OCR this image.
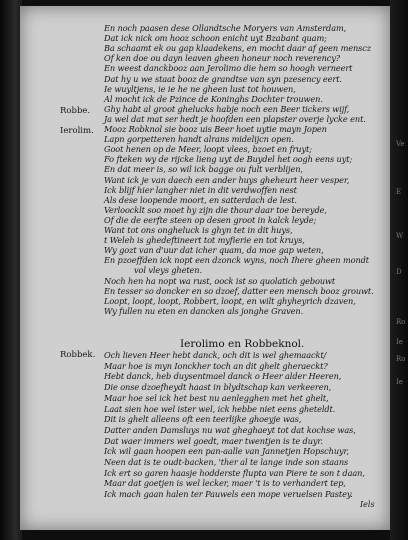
Ve
E
W
D
Ro
Ie
Ro
Ie
En noch paasen dese Ollandtsche Moryers van Amsterdam,
Dat ick nick om hooz schoon enicht uyt Bzabant quam;
Ba schaamt ek ou gap klaadekens, en mocht daar af geen menscz
Of ken doe ou dayn leaven gheen honeur noch reverency?
En weest danckbooz aan Jerolimo die hem so hoogh verneert
Dat hy u we staat booz de grandtse van syn pzesency eert.
Ie wuyltjens, ie ie he ne gheen lust tot houwen,
Al mocht ick de Pzince de Koninghs Dochter trouwen.
Ghy habt al groot ghelucks habje noch een Beer tickers wijf,
Ja wel dat mat ser hedt je hoofden een plapster overje lycke ent.
Mooz Robknol sie booz uis Beer hoet uytie mayn Jopen
Lapn gorpetteren handt alrans midelijcn open.
Goot henen op de Meer, loopt vlees, bzoet en fruyt;
Fo fteken wy de rijcke lieng uyt de Buydel het oogh eens uyt;
En dat meer is, so wil ick bagge ou fult verblijen,
Want ick je van daech een ander huys gheheurt heer vesper,
Ick blijf hier langher niet in dit verdwoffen nest
Als dese loopende moort, en satterdach de lest.
Verloocklt soo moet hy zijn die thour daar toe bereyde,
Of die de eerfte steen op desen groot in kalck leyde;
Want tot ons ongheluck is ghyn tet in dit huys,
t Weleh is ghedeftineert tot myfierie en tot kruys,
Wy gozt van d'uur dat icher quam, da moe gap weten,
En pzoeffden ick nopt een dzonck wyns, noch Ihere gheen mondt
vol vleys gheten.
Noch hen ha nopt wa rust, oock ist so quolatich gebouwt
En tesser so doncker en so dzoef, datter een mensch booz grouwt.
Loopt, loopt, loopt, Robbert, loopt, en wilt ghyheyrich dzaven,
Wy fullen nu eten en dancken als jonghe Graven.
Robbe.
Ierolim.
Ierolimo en Robbeknol.
Robbek. Och lieven Heer hebt danck, och dit is wel ghemaackt/
Maar hoe is myn Ionckher toch an dit ghelt gheraeckt?
Hebt danck, heb duysentmael danck o Heer alder Heeren,
Die onse dzoefheydt haast in blydtschap kan verkeeren,
Maar hoe sel ick het best nu aenlegghen met het ghelt,
Laat sien hoe wel ister wel, ick hebbe niet eens gheteldt.
Dit is ghelt alleens oft een teerlijke ghoeyje was,
Datter anden Damsluys nu wat gheghaeyt tot dat kochse was,
Dat waer immers wel goedt, maer twentjen is te duyr.
Ick wil gaan hoopen een pan-aalle van Jannetjen Hopschuyr,
Neen dat is te oudt-backen, 'ther al te lange inde son staans
Ick ert so garen haasje hodderste flupta van Piere te son t daan,
Maar dat goetjen is wel lecker, maer 't is to verhandert tep,
Ick mach gaan halen ter Pauwels een mope veruelsen Pastey.
Iels
